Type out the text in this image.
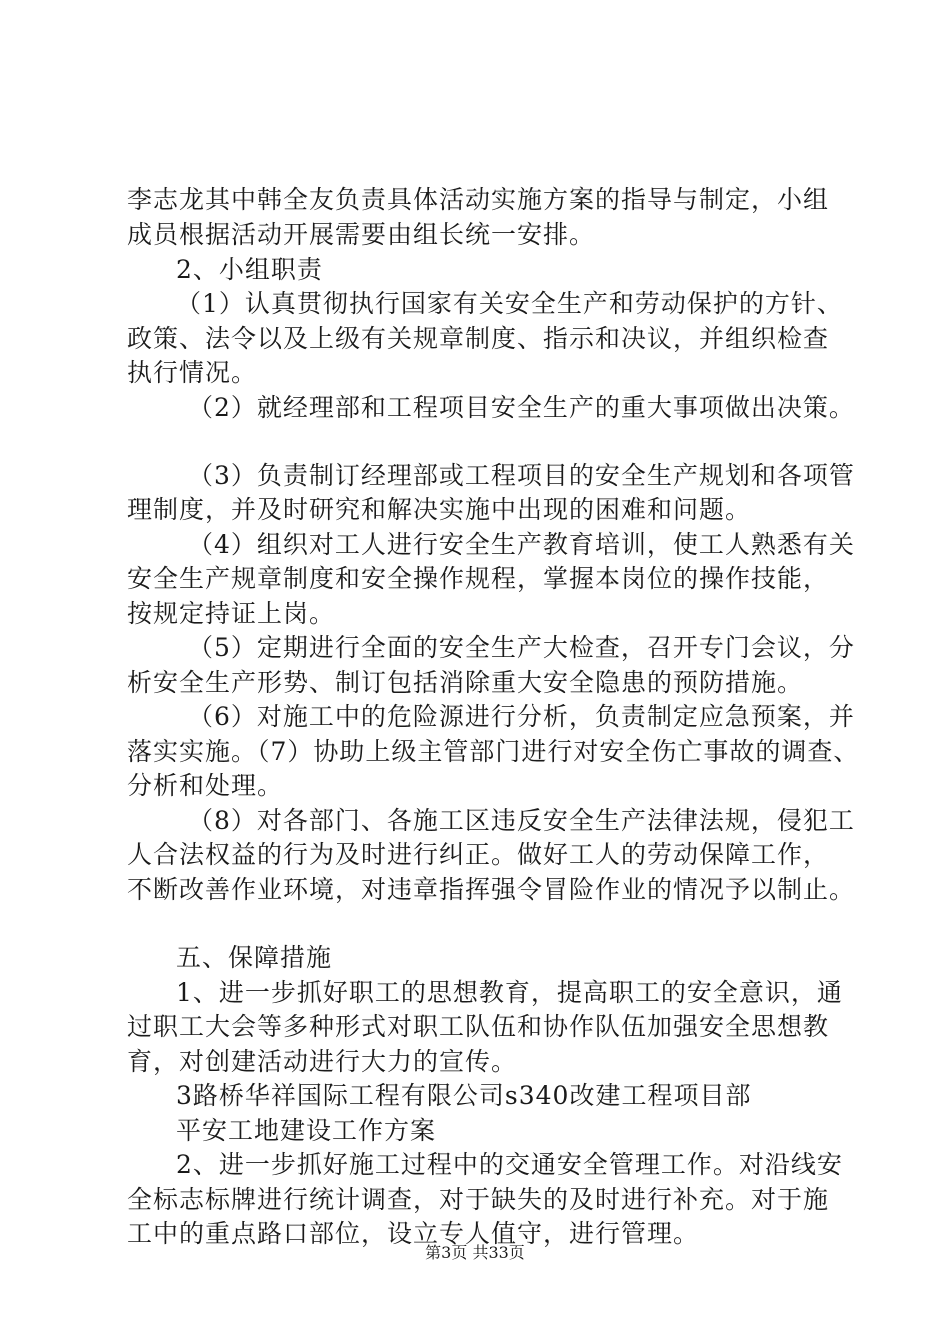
李志龙其中韩全友负责具体活动实施方案的指导与制定，小组
成员根据活动开展需要由组长统一安排。
2、小组职责
（1）认真贯彻执行国家有关安全生产和劳动保护的方针、
政策、法令以及上级有关规章制度、指示和决议，并组织检查
执行情况。
（2）就经理部和工程项目安全生产的重大事项做出决策。
（3）负责制订经理部或工程项目的安全生产规划和各项管
理制度，并及时研究和解决实施中出现的困难和问题。
（4）组织对工人进行安全生产教育培训，使工人熟悉有关
安全生产规章制度和安全操作规程，掌握本岗位的操作技能，
按规定持证上岗。
（5）定期进行全面的安全生产大检查，召开专门会议，分
析安全生产形势、制订包括消除重大安全隐患的预防措施。
（6）对施工中的危险源进行分析，负责制定应急预案，并
落实实施。（7）协助上级主管部门进行对安全伤亡事故的调查、
分析和处理。
（8）对各部门、各施工区违反安全生产法律法规，侵犯工
人合法权益的行为及时进行纠正。做好工人的劳动保障工作，
不断改善作业环境，对违章指挥强令冒险作业的情况予以制止。
五、保障措施
1、进一步抓好职工的思想教育，提高职工的安全意识，通
过职工大会等多种形式对职工队伍和协作队伍加强安全思想教
育，对创建活动进行大力的宣传。
3路桥华祥国际工程有限公司s340改建工程项目部
平安工地建设工作方案
2、进一步抓好施工过程中的交通安全管理工作。对沿线安
全标志标牌进行统计调查，对于缺失的及时进行补充。对于施
工中的重点路口部位，设立专人值守，进行管理。
第3页 共33页
